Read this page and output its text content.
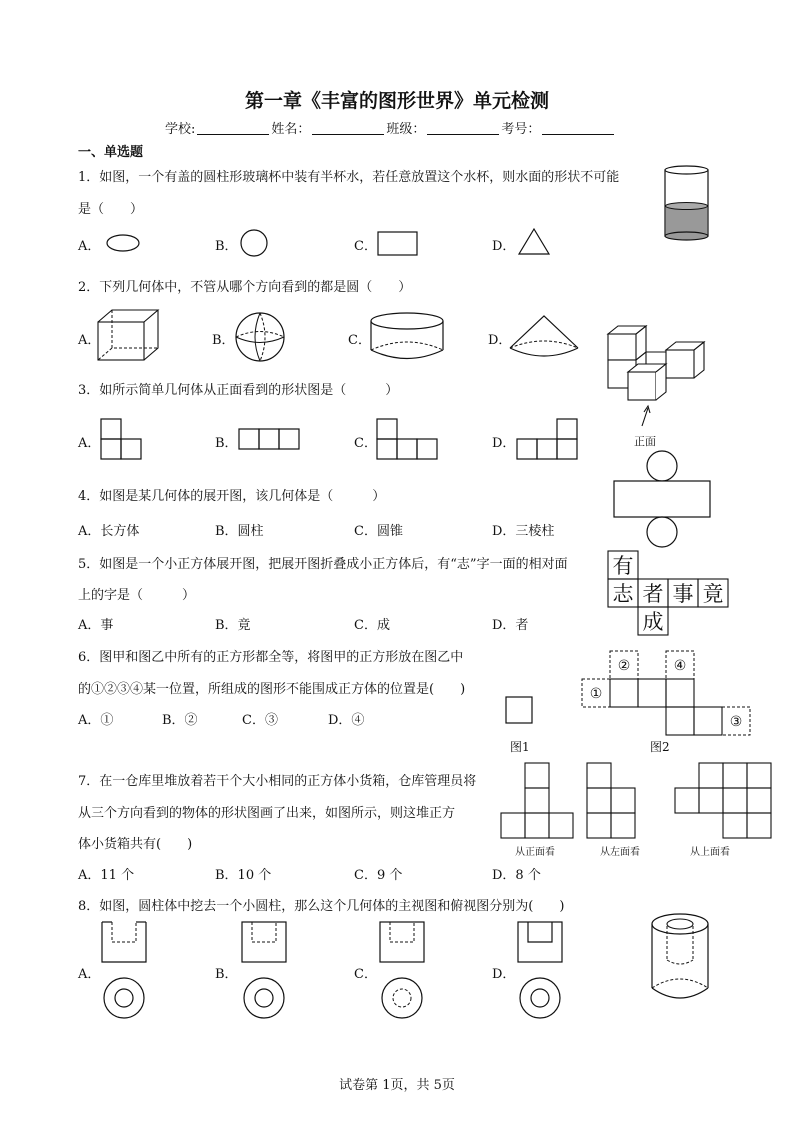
第一章《丰富的图形世界》单元检测
学校:	姓名：	班级：	考号：
一、单选题
1．如图，一个有盖的圆柱形玻璃杯中装有半杯水，若任意放置这个水杯，则水面的形状不可能
是（　　）
A．	B．	C．	D．
2．下列几何体中，不管从哪个方向看到的都是圆（　　）
A．	B．	C．	D．
正面
3．如所示简单几何体从正面看到的形状图是（　　　）
A．	B．	C．	D．
4．如图是某几何体的展开图，该几何体是（　　　）
A．长方体	B．圆柱	C．圆锥	D．三棱柱
5．如图是一个小正方体展开图，把展开图折叠成小正方体后，有“志”字一面的相对面
上的字是（　　　）
有
志 者 事 竟
成
A．事	B．竟	C．成	D．者
6．图甲和图乙中所有的正方形都全等，将图甲的正方形放在图乙中
的①②③④某一位置，所组成的图形不能围成正方体的位置是(　　)
A．①	B．②	C．③	D．④
图1
①
②
③
④
图2
7．在一仓库里堆放着若干个大小相同的正方体小货箱，仓库管理员将
从三个方向看到的物体的形状图画了出来，如图所示，则这堆正方
体小货箱共有(　　)
从正面看	从左面看	从上面看
A．11 个	B．10 个	C．9 个	D．8 个
8．如图，圆柱体中挖去一个小圆柱，那么这个几何体的主视图和俯视图分别为(　　)
A．	B．	C．	D．
试卷第 1页，共 5页
